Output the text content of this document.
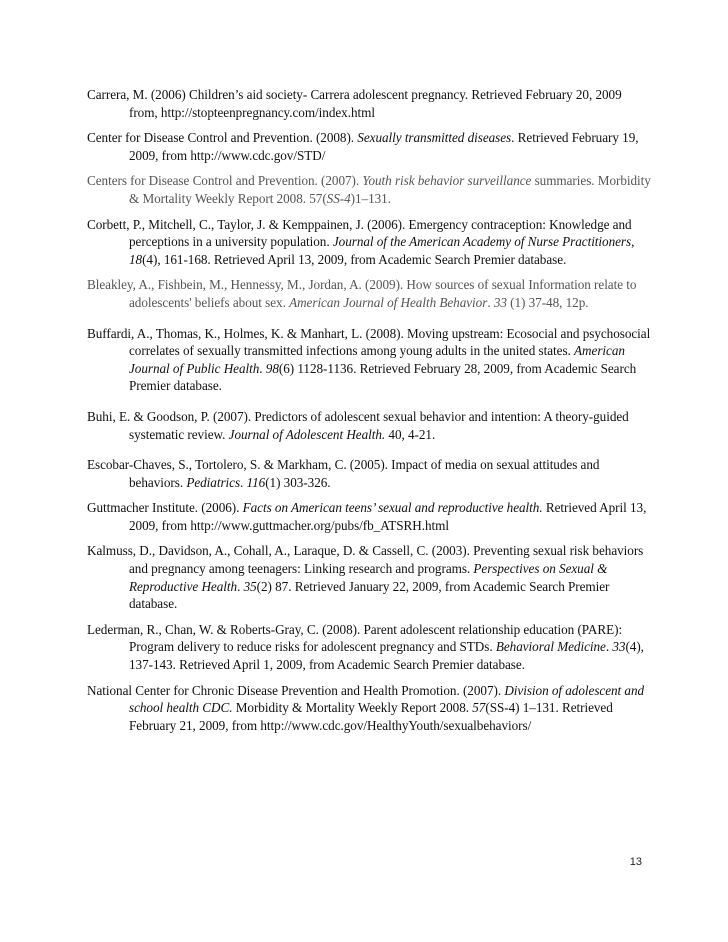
Carrera, M. (2006) Children’s aid society- Carrera adolescent pregnancy. Retrieved February 20, 2009 from, http://stopteenpregnancy.com/index.html

Center for Disease Control and Prevention. (2008). Sexually transmitted diseases. Retrieved February 19, 2009, from http://www.cdc.gov/STD/

Centers for Disease Control and Prevention. (2007). Youth risk behavior surveillance summaries. Morbidity & Mortality Weekly Report 2008. 57(SS-4)1–131.

Corbett, P., Mitchell, C., Taylor, J. & Kemppainen, J. (2006). Emergency contraception: Knowledge and perceptions in a university population. Journal of the American Academy of Nurse Practitioners, 18(4), 161-168. Retrieved April 13, 2009, from Academic Search Premier database.

Bleakley, A., Fishbein, M., Hennessy, M., Jordan, A. (2009). How sources of sexual Information relate to adolescents' beliefs about sex. American Journal of Health Behavior. 33 (1) 37-48, 12p.

Buffardi, A., Thomas, K., Holmes, K. & Manhart, L. (2008). Moving upstream: Ecosocial and psychosocial correlates of sexually transmitted infections among young adults in the united states. American Journal of Public Health. 98(6) 1128-1136. Retrieved February 28, 2009, from Academic Search Premier database.

Buhi, E. & Goodson, P. (2007). Predictors of adolescent sexual behavior and intention: A theory-guided systematic review. Journal of Adolescent Health. 40, 4-21.

Escobar-Chaves, S., Tortolero, S. & Markham, C. (2005). Impact of media on sexual attitudes and behaviors. Pediatrics. 116(1) 303-326.

Guttmacher Institute. (2006). Facts on American teens’ sexual and reproductive health. Retrieved April 13, 2009, from http://www.guttmacher.org/pubs/fb_ATSRH.html

Kalmuss, D., Davidson, A., Cohall, A., Laraque, D. & Cassell, C. (2003). Preventing sexual risk behaviors and pregnancy among teenagers: Linking research and programs. Perspectives on Sexual & Reproductive Health. 35(2) 87. Retrieved January 22, 2009, from Academic Search Premier database.

Lederman, R., Chan, W. & Roberts-Gray, C. (2008). Parent adolescent relationship education (PARE): Program delivery to reduce risks for adolescent pregnancy and STDs. Behavioral Medicine. 33(4), 137-143. Retrieved April 1, 2009, from Academic Search Premier database.

National Center for Chronic Disease Prevention and Health Promotion. (2007). Division of adolescent and school health CDC. Morbidity & Mortality Weekly Report 2008. 57(SS-4) 1–131. Retrieved February 21, 2009, from http://www.cdc.gov/HealthyYouth/sexualbehaviors/

13
